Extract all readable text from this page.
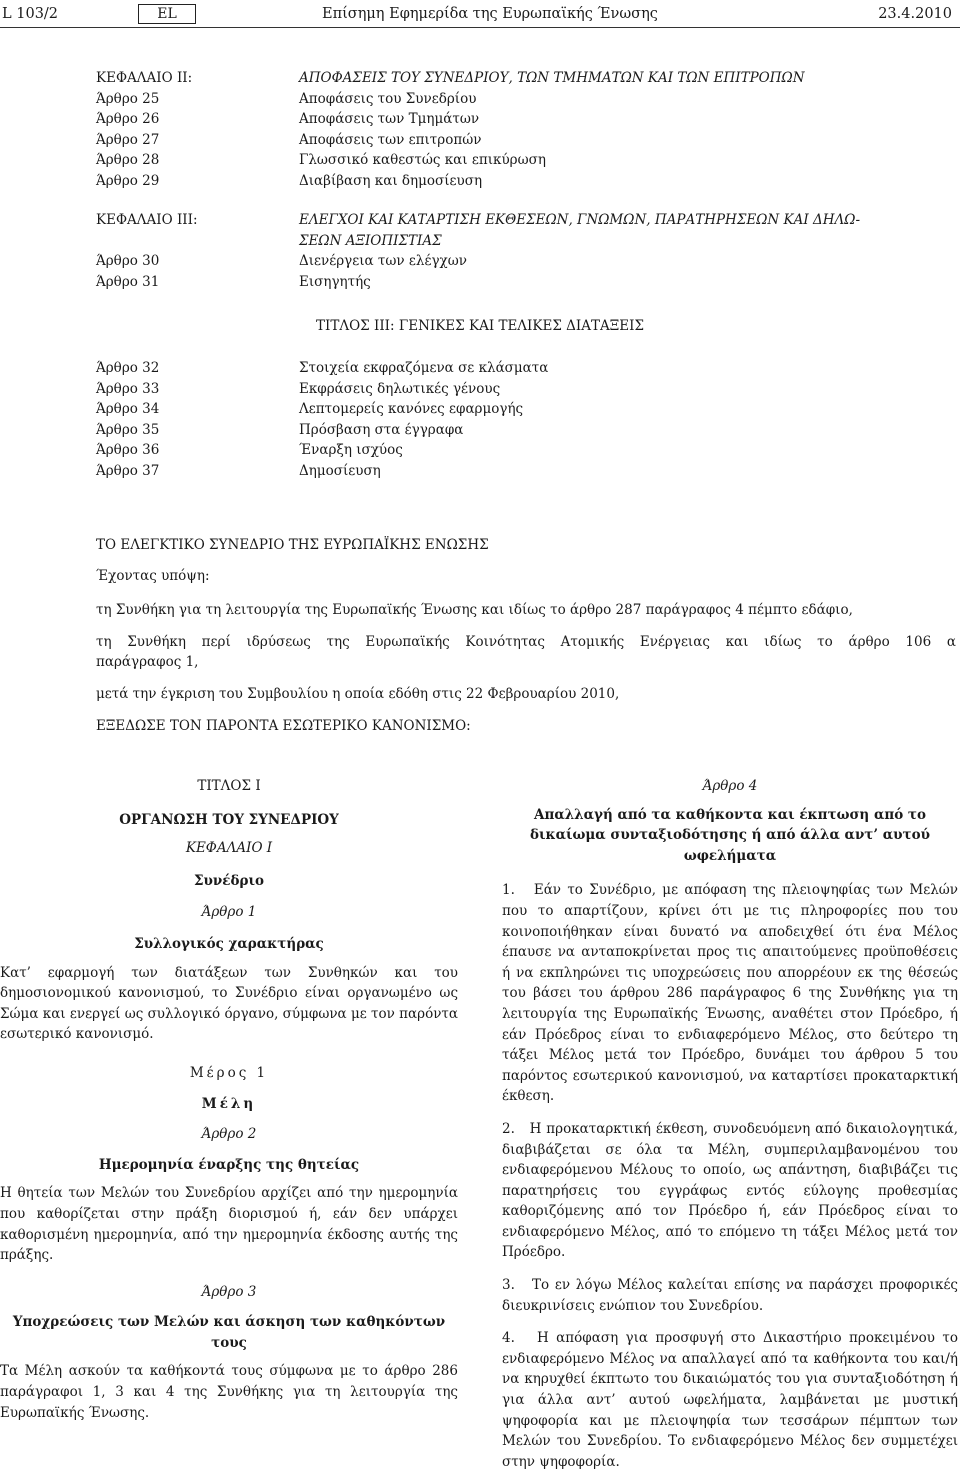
L 103/2	EL	Επίσημη Εφημερίδα της Ευρωπαϊκής Ένωσης	23.4.2010
ΚΕΦΑΛΑΙΟ ΙΙ:	ΑΠΟΦΑΣΕΙΣ ΤΟΥ ΣΥΝΕΔΡΙΟΥ, ΤΩΝ ΤΜΗΜΑΤΩΝ ΚΑΙ ΤΩΝ ΕΠΙΤΡΟΠΩΝ
Άρθρο 25	Αποφάσεις του Συνεδρίου
Άρθρο 26	Αποφάσεις των Τμημάτων
Άρθρο 27	Αποφάσεις των επιτροπών
Άρθρο 28	Γλωσσικό καθεστώς και επικύρωση
Άρθρο 29	Διαβίβαση και δημοσίευση
ΚΕΦΑΛΑΙΟ ΙΙΙ:	ΕΛΕΓΧΟΙ ΚΑΙ ΚΑΤΑΡΤΙΣΗ ΕΚΘΕΣΕΩΝ, ΓΝΩΜΩΝ, ΠΑΡΑΤΗΡΗΣΕΩΝ ΚΑΙ ΔΗΛΩ-
ΣΕΩΝ ΑΞΙΟΠΙΣΤΙΑΣ
Άρθρο 30	Διενέργεια των ελέγχων
Άρθρο 31	Εισηγητής
ΤΙΤΛΟΣ ΙΙΙ: ΓΕΝΙΚΕΣ ΚΑΙ ΤΕΛΙΚΕΣ ΔΙΑΤΑΞΕΙΣ
Άρθρο 32	Στοιχεία εκφραζόμενα σε κλάσματα
Άρθρο 33	Εκφράσεις δηλωτικές γένους
Άρθρο 34	Λεπτομερείς κανόνες εφαρμογής
Άρθρο 35	Πρόσβαση στα έγγραφα
Άρθρο 36	Έναρξη ισχύος
Άρθρο 37	Δημοσίευση
ΤΟ ΕΛΕΓΚΤΙΚΟ ΣΥΝΕΔΡΙΟ ΤΗΣ ΕΥΡΩΠΑΪΚΗΣ ΕΝΩΣΗΣ
Έχοντας υπόψη:
τη Συνθήκη για τη λειτουργία της Ευρωπαϊκής Ένωσης και ιδίως το άρθρο 287 παράγραφος 4 πέμπτο εδάφιο,
τη Συνθήκη περί ιδρύσεως της Ευρωπαϊκής Κοινότητας Ατομικής Ενέργειας και ιδίως το άρθρο 106 α
παράγραφος 1,
μετά την έγκριση του Συμβουλίου η οποία εδόθη στις 22 Φεβρουαρίου 2010,
ΕΞΕΔΩΣΕ ΤΟΝ ΠΑΡΟΝΤΑ ΕΣΩΤΕΡΙΚΟ ΚΑΝΟΝΙΣΜΟ:
ΤΙΤΛΟΣ Ι
ΟΡΓΑΝΩΣΗ ΤΟΥ ΣΥΝΕΔΡΙΟΥ
ΚΕΦΑΛΑΙΟ Ι
Συνέδριο
Άρθρο 1
Συλλογικός χαρακτήρας

Κατ’ εφαρμογή των διατάξεων των Συνθηκών και του δημοσιονομικού κανονισμού, το Συνέδριο είναι οργανωμένο ως Σώμα και ενεργεί ως συλλογικό όργανο, σύμφωνα με τον παρόντα εσωτερικό κανονισμό.

Μέρος 1
Μέλη
Άρθρο 2
Ημερομηνία έναρξης της θητείας

Η θητεία των Μελών του Συνεδρίου αρχίζει από την ημερομηνία που καθορίζεται στην πράξη διορισμού ή, εάν δεν υπάρχει καθορισμένη ημερομηνία, από την ημερομηνία έκδοσης αυτής της πράξης.

Άρθρο 3
Υποχρεώσεις των Μελών και άσκηση των καθηκόντων τους

Τα Μέλη ασκούν τα καθήκοντά τους σύμφωνα με το άρθρο 286 παράγραφοι 1, 3 και 4 της Συνθήκης για τη λειτουργία της Ευρωπαϊκής Ένωσης.

Άρθρο 4
Απαλλαγή από τα καθήκοντα και έκπτωση από το δικαίωμα συνταξιοδότησης ή από άλλα αντ’ αυτού ωφελήματα

1.   Εάν το Συνέδριο, με απόφαση της πλειοψηφίας των Μελών που το απαρτίζουν, κρίνει ότι με τις πληροφορίες που του κοινοποιήθηκαν είναι δυνατό να αποδειχθεί ότι ένα Μέλος έπαυσε να ανταποκρίνεται προς τις απαιτούμενες προϋποθέσεις ή να εκπληρώνει τις υποχρεώσεις που απορρέουν εκ της θέσεώς του βάσει του άρθρου 286 παράγραφος 6 της Συνθήκης για τη λειτουργία της Ευρωπαϊκής Ένωσης, αναθέτει στον Πρόεδρο, ή εάν Πρόεδρος είναι το ενδιαφερόμενο Μέλος, στο δεύτερο τη τάξει Μέλος μετά τον Πρόεδρο, δυνάμει του άρθρου 5 του παρόντος εσωτερικού κανονισμού, να καταρτίσει προκαταρκτική έκθεση.

2.   Η προκαταρκτική έκθεση, συνοδευόμενη από δικαιολογητικά, διαβιβάζεται σε όλα τα Μέλη, συμπεριλαμβανομένου του ενδιαφερόμενου Μέλους το οποίο, ως απάντηση, διαβιβάζει τις παρατηρήσεις του εγγράφως εντός εύλογης προθεσμίας καθοριζόμενης από τον Πρόεδρο ή, εάν Πρόεδρος είναι το ενδιαφερόμενο Μέλος, από το επόμενο τη τάξει Μέλος μετά τον Πρόεδρο.

3.   Το εν λόγω Μέλος καλείται επίσης να παράσχει προφορικές διευκρινίσεις ενώπιον του Συνεδρίου.

4.   Η απόφαση για προσφυγή στο Δικαστήριο προκειμένου το ενδιαφερόμενο Μέλος να απαλλαγεί από τα καθήκοντα του και/ή να κηρυχθεί έκπτωτο του δικαιώματός του για συνταξιοδότηση ή για άλλα αντ’ αυτού ωφελήματα, λαμβάνεται με μυστική ψηφοφορία και με πλειοψηφία των τεσσάρων πέμπτων των Μελών του Συνεδρίου. Το ενδιαφερόμενο Μέλος δεν συμμετέχει στην ψηφοφορία.
